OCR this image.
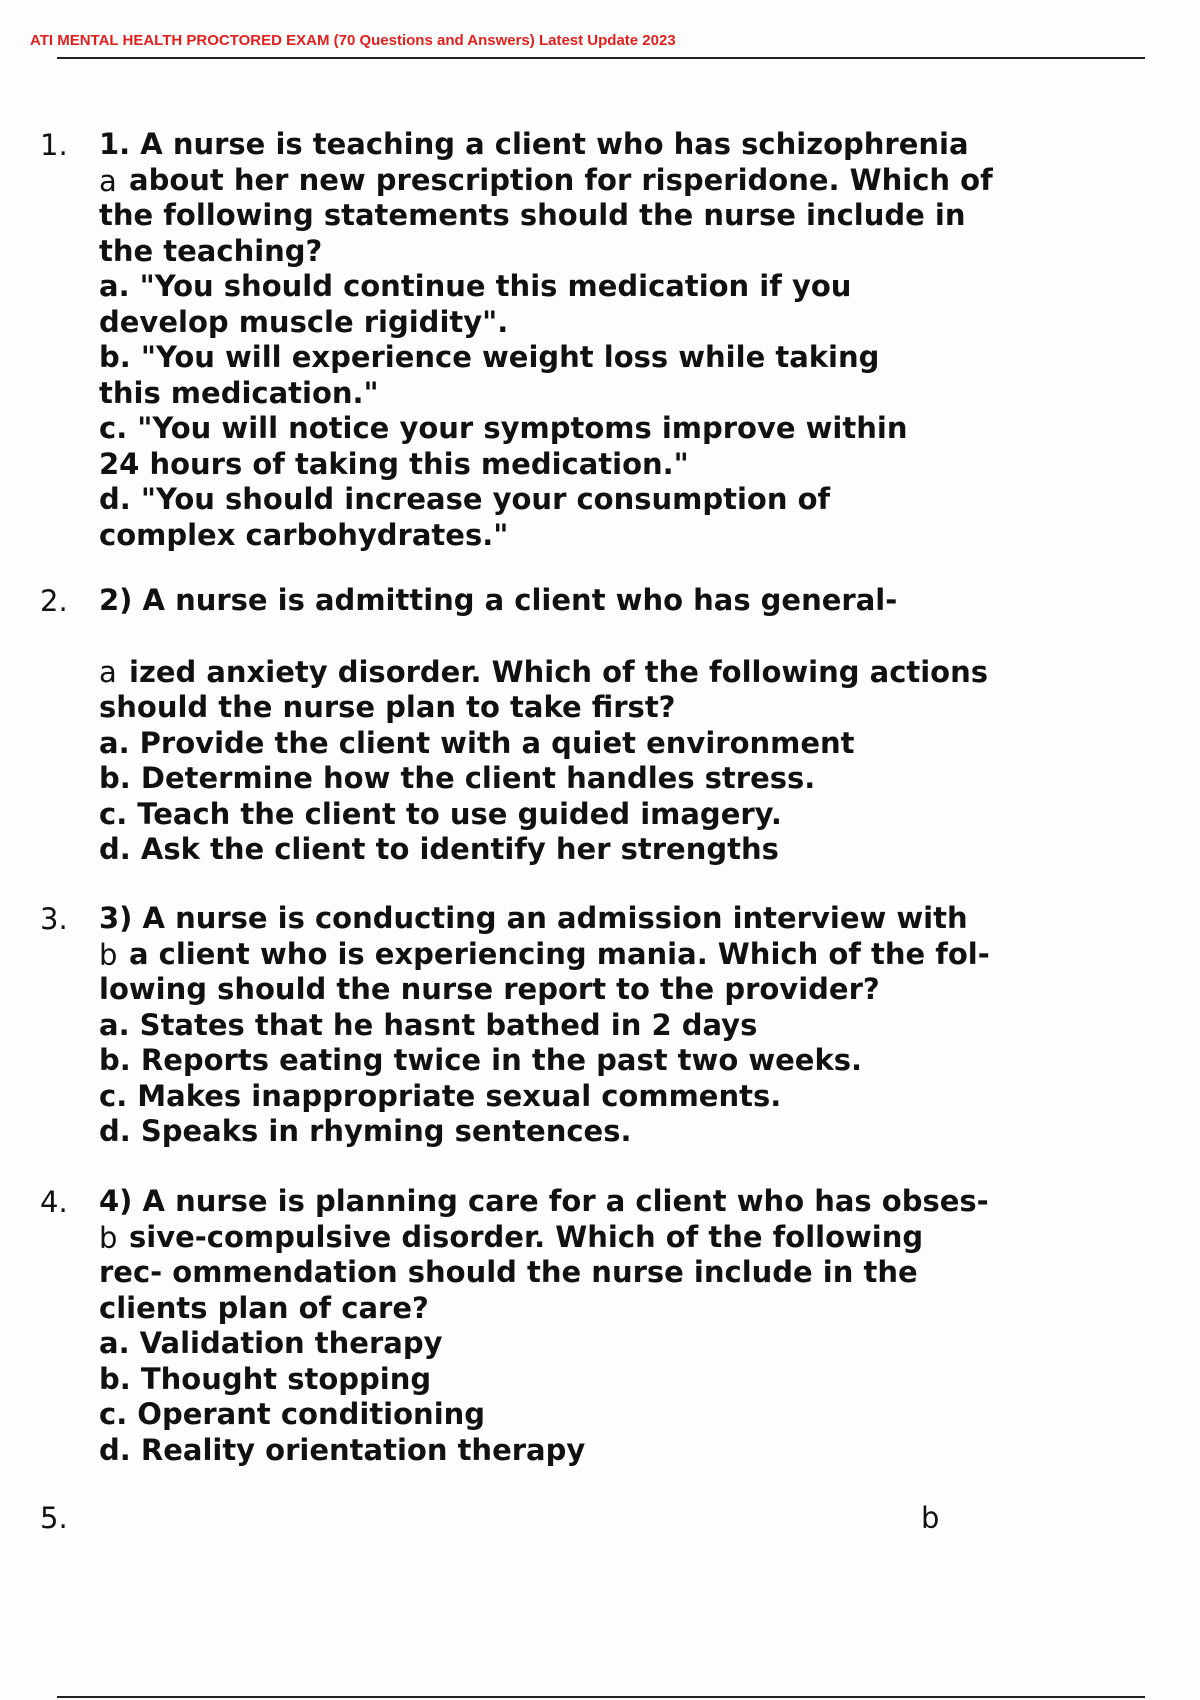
ATI MENTAL HEALTH PROCTORED EXAM (70 Questions and Answers) Latest Update 2023
1.
a
1. A nurse is teaching a client who has schizophrenia
about her new prescription for risperidone. Which of
the following statements should the nurse include in
the teaching?
a. "You should continue this medication if you
develop muscle rigidity".
b. "You will experience weight loss while taking
this medication."
c. "You will notice your symptoms improve within
24 hours of taking this medication."
d. "You should increase your consumption of
complex carbohydrates."
2.
a
2) A nurse is admitting a client who has general-
ized anxiety disorder. Which of the following actions
should the nurse plan to take first?
a. Provide the client with a quiet environment
b. Determine how the client handles stress.
c. Teach the client to use guided imagery.
d. Ask the client to identify her strengths
3.
b
3) A nurse is conducting an admission interview with
a client who is experiencing mania. Which of the fol-
lowing should the nurse report to the provider?
a. States that he hasnt bathed in 2 days
b. Reports eating twice in the past two weeks.
c. Makes inappropriate sexual comments.
d. Speaks in rhyming sentences.
4.
b
4) A nurse is planning care for a client who has obses-
sive-compulsive disorder. Which of the following
rec- ommendation should the nurse include in the
clients plan of care?
a. Validation therapy
b. Thought stopping
c. Operant conditioning
d. Reality orientation therapy
5.	b
